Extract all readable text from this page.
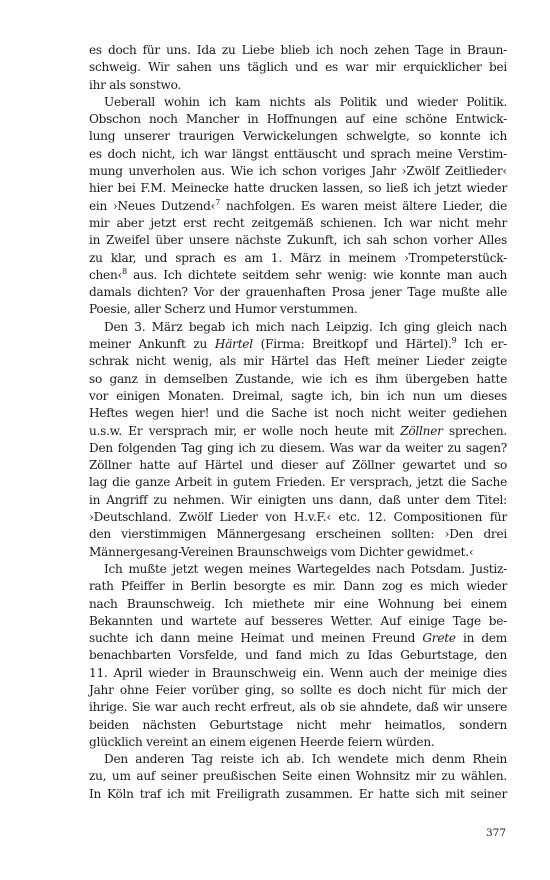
es doch für uns. Ida zu Liebe blieb ich noch zehen Tage in Braun-
schweig. Wir sahen uns täglich und es war mir erquicklicher bei
ihr als sonstwo.

Ueberall wohin ich kam nichts als Politik und wieder Politik.
Obschon noch Mancher in Hoffnungen auf eine schöne Entwick-
lung unserer traurigen Verwickelungen schwelgte, so konnte ich
es doch nicht, ich war längst enttäuscht und sprach meine Verstim-
mung unverholen aus. Wie ich schon voriges Jahr ›Zwölf Zeitlieder‹
hier bei F.M. Meinecke hatte drucken lassen, so ließ ich jetzt wieder
ein ›Neues Dutzend‹$^7$ nachfolgen. Es waren meist ältere Lieder, die
mir aber jetzt erst recht zeitgemäß schienen. Ich war nicht mehr
in Zweifel über unsere nächste Zukunft, ich sah schon vorher Alles
zu klar, und sprach es am 1. März in meinem ›Trompeterstück-
chen‹$^8$ aus. Ich dichtete seitdem sehr wenig: wie konnte man auch
damals dichten? Vor der grauenhaften Prosa jener Tage mußte alle
Poesie, aller Scherz und Humor verstummen.

Den 3. März begab ich mich nach Leipzig. Ich ging gleich nach
meiner Ankunft zu Härtel (Firma: Breitkopf und Härtel).$^9$ Ich er-
schrak nicht wenig, als mir Härtel das Heft meiner Lieder zeigte
so ganz in demselben Zustande, wie ich es ihm übergeben hatte
vor einigen Monaten. Dreimal, sagte ich, bin ich nun um dieses
Heftes wegen hier! und die Sache ist noch nicht weiter gediehen
u.s.w. Er versprach mir, er wolle noch heute mit Zöllner sprechen.
Den folgenden Tag ging ich zu diesem. Was war da weiter zu sagen?
Zöllner hatte auf Härtel und dieser auf Zöllner gewartet und so
lag die ganze Arbeit in gutem Frieden. Er versprach, jetzt die Sache
in Angriff zu nehmen. Wir einigten uns dann, daß unter dem Titel:
›Deutschland. Zwölf Lieder von H.v.F.‹ etc. 12. Compositionen für
den vierstimmigen Männergesang erscheinen sollten: ›Den drei
Männergesang-Vereinen Braunschweigs vom Dichter gewidmet.‹

Ich mußte jetzt wegen meines Wartegeldes nach Potsdam. Justiz-
rath Pfeiffer in Berlin besorgte es mir. Dann zog es mich wieder
nach Braunschweig. Ich miethete mir eine Wohnung bei einem
Bekannten und wartete auf besseres Wetter. Auf einige Tage be-
suchte ich dann meine Heimat und meinen Freund Grete in dem
benachbarten Vorsfelde, und fand mich zu Idas Geburtstage, den
11. April wieder in Braunschweig ein. Wenn auch der meinige dies
Jahr ohne Feier vorüber ging, so sollte es doch nicht für mich der
ihrige. Sie war auch recht erfreut, als ob sie ahndete, daß wir unsere
beiden nächsten Geburtstage nicht mehr heimatlos, sondern
glücklich vereint an einem eigenen Heerde feiern würden.

Den anderen Tag reiste ich ab. Ich wendete mich denm Rhein
zu, um auf seiner preußischen Seite einen Wohnsitz mir zu wählen.
In Köln traf ich mit Freiligrath zusammen. Er hatte sich mit seiner

377
